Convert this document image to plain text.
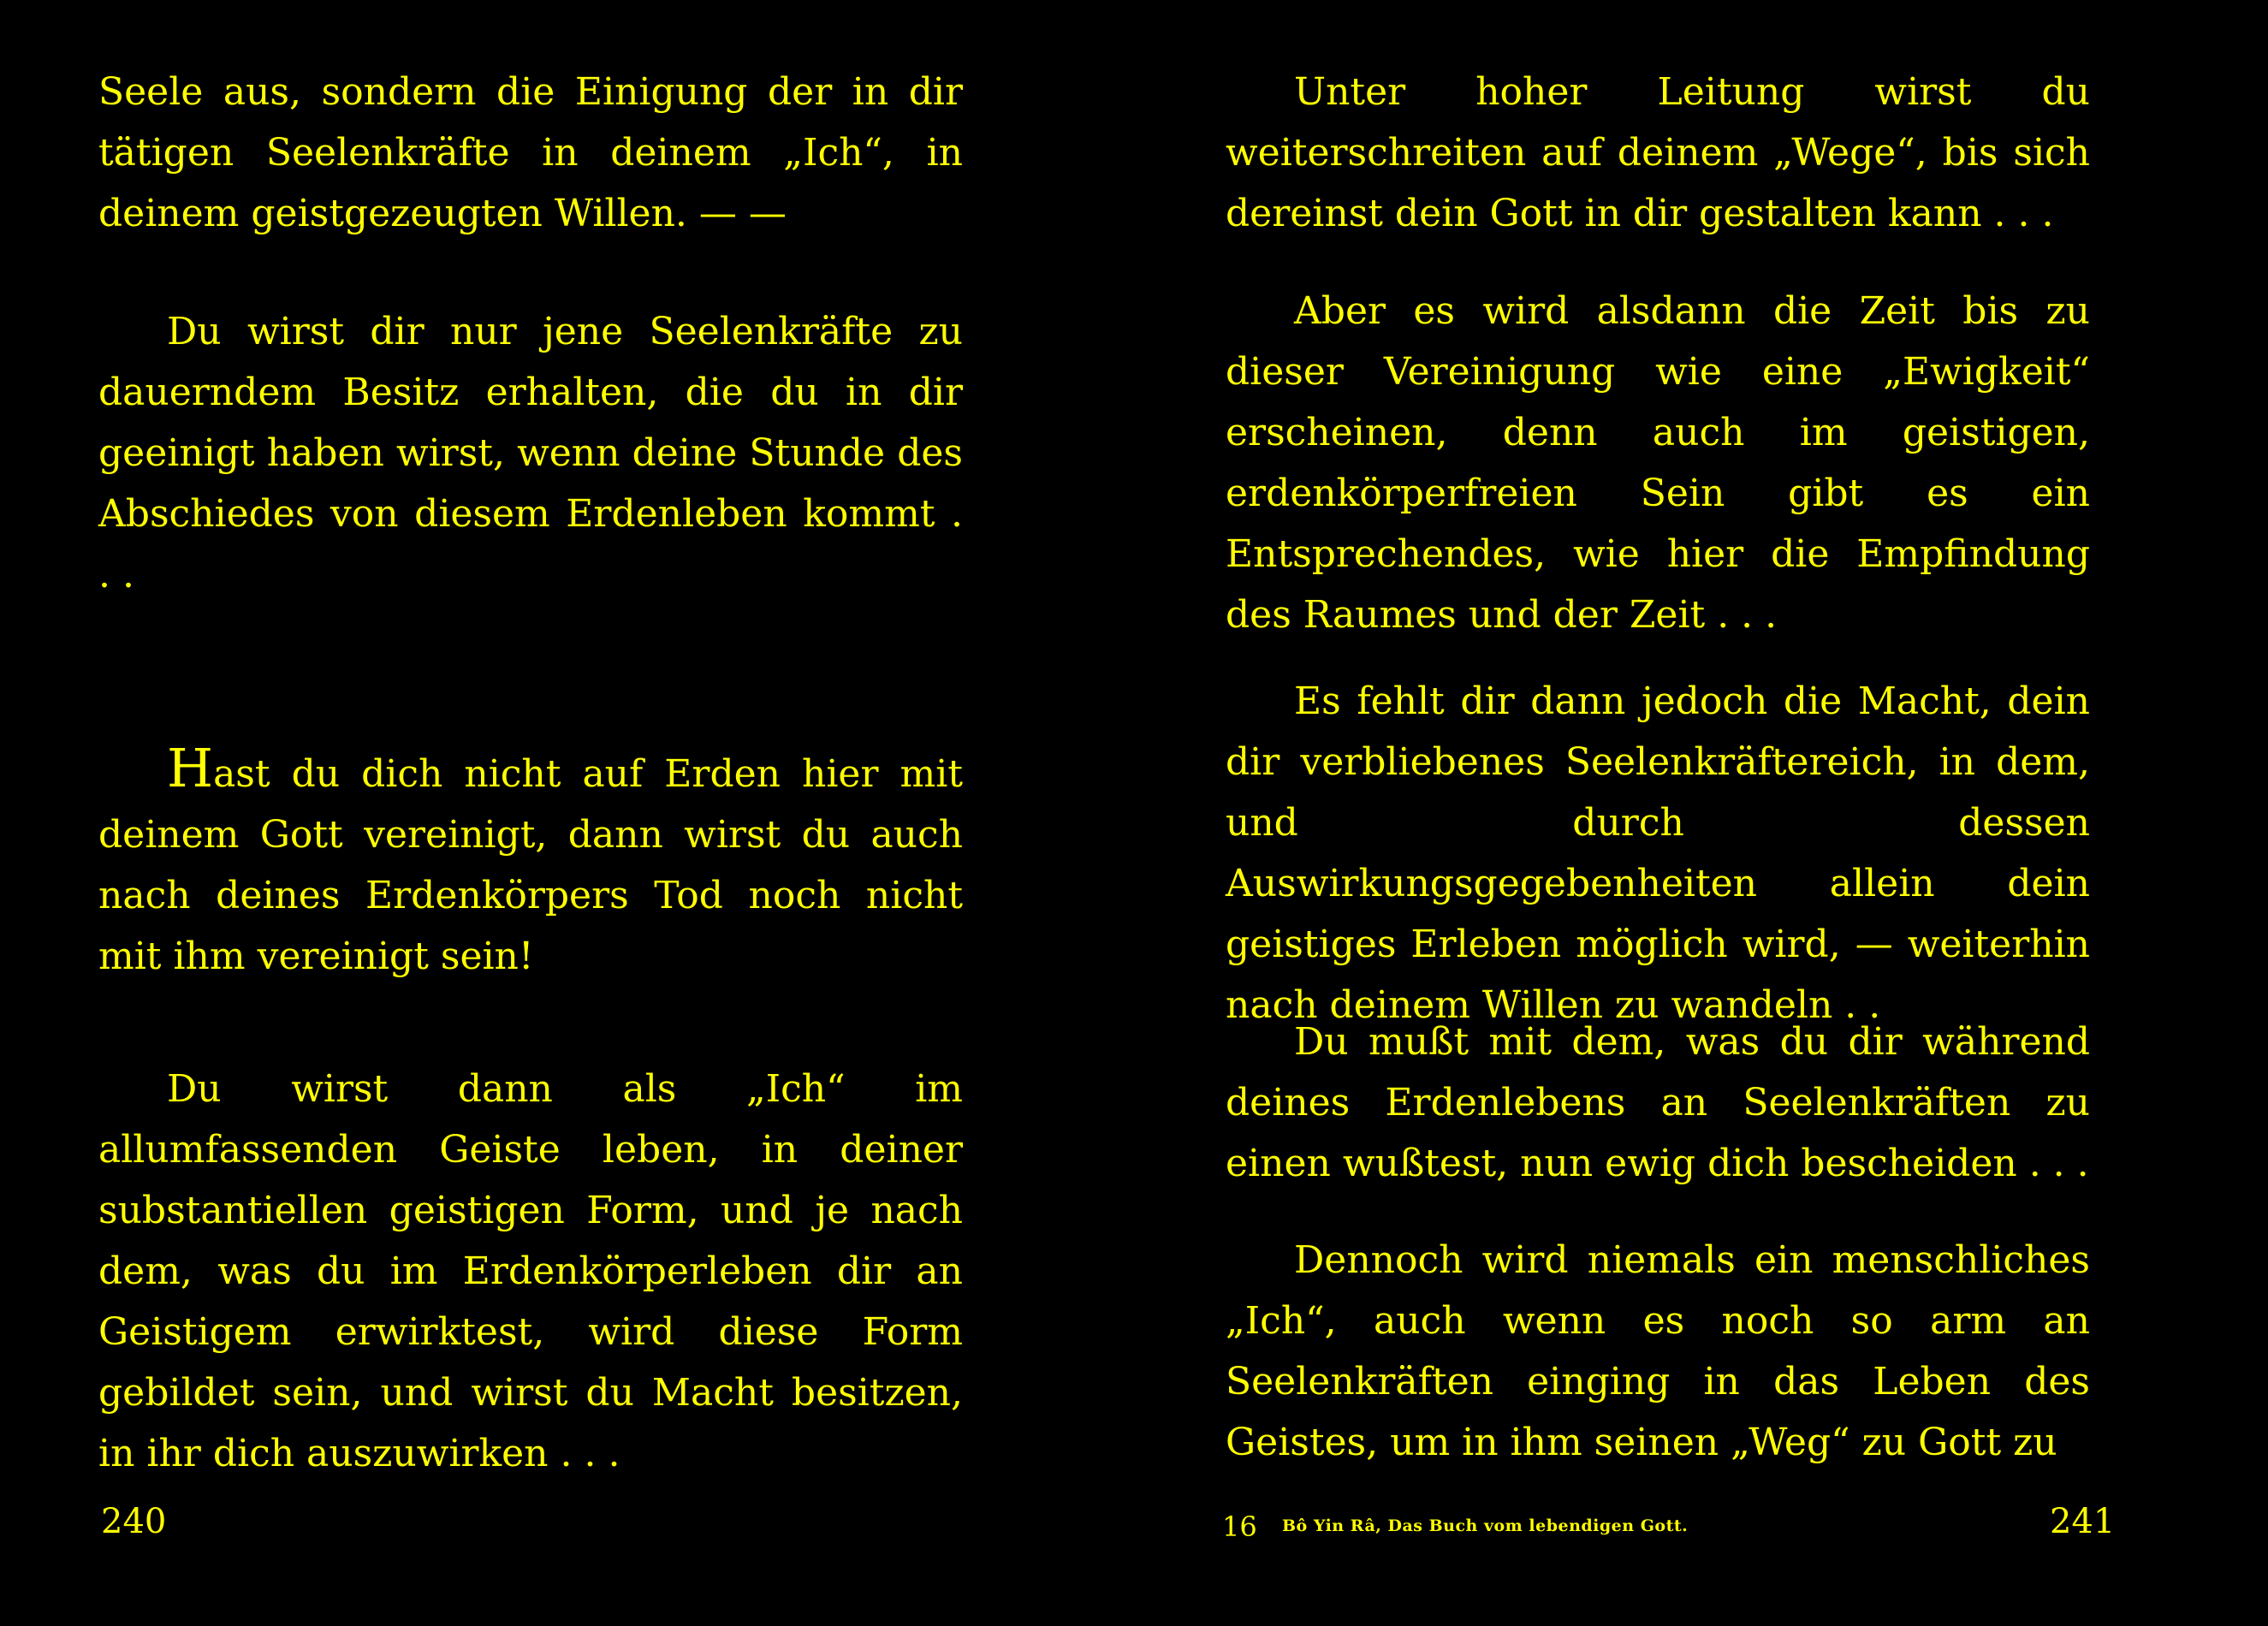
Seele aus, sondern die Einigung der in dir tätigen Seelenkräfte in deinem „Ich“, in deinem geistgezeugten Willen. — —

Du wirst dir nur jene Seelenkräfte zu dauerndem Besitz erhalten, die du in dir geeinigt haben wirst, wenn deine Stunde des Abschiedes von diesem Erdenleben kommt . . .

Hast du dich nicht auf Erden hier mit deinem Gott vereinigt, dann wirst du auch nach deines Erdenkörpers Tod noch nicht mit ihm vereinigt sein!

Du wirst dann als „Ich“ im allumfassenden Geiste leben, in deiner substantiellen geistigen Form, und je nach dem, was du im Erdenkörperleben dir an Geistigem erwirktest, wird diese Form gebildet sein, und wirst du Macht besitzen, in ihr dich auszuwirken . . .

Unter hoher Leitung wirst du weiterschreiten auf deinem „Wege“, bis sich dereinst dein Gott in dir gestalten kann . . .

Aber es wird alsdann die Zeit bis zu dieser Vereinigung wie eine „Ewigkeit“ erscheinen, denn auch im geistigen, erdenkörperfreien Sein gibt es ein Entsprechendes, wie hier die Empfindung des Raumes und der Zeit . . .

Es fehlt dir dann jedoch die Macht, dein dir verbliebenes Seelenkräftereich, in dem, und durch dessen Auswirkungsgegebenheiten allein dein geistiges Erleben möglich wird, — weiterhin nach deinem Willen zu wandeln . .

Du mußt mit dem, was du dir während deines Erdenlebens an Seelenkräften zu einen wußtest, nun ewig dich bescheiden . . .

Dennoch wird niemals ein menschliches „Ich“, auch wenn es noch so arm an Seelenkräften einging in das Leben des Geistes, um in ihm seinen „Weg“ zu Gott zu

240	16 Bô Yin Râ, Das Buch vom lebendigen Gott.	241
